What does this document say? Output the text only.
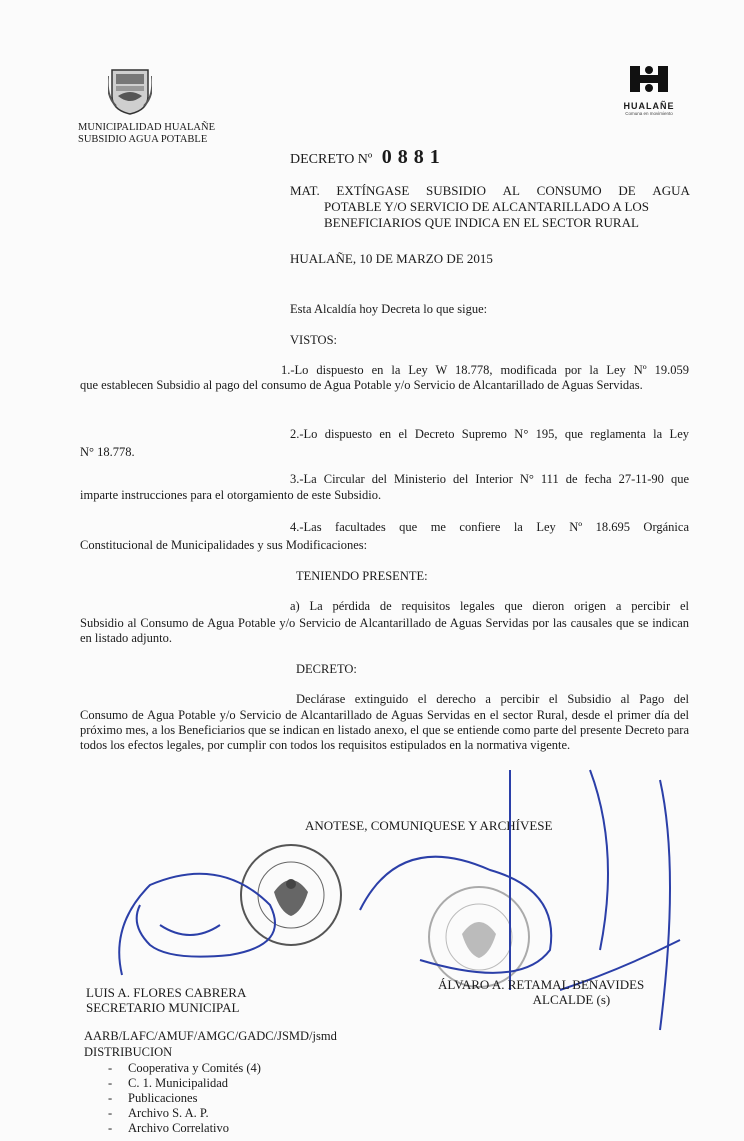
MUNICIPALIDAD HUALAÑE
SUBSIDIO AGUA POTABLE
HUALAÑE
Comuna en movimiento
DECRETO Nº 0881
MAT. EXTÍNGASE SUBSIDIO AL CONSUMO DE AGUA
POTABLE Y/O SERVICIO DE ALCANTARILLADO A LOS
BENEFICIARIOS QUE INDICA EN EL SECTOR RURAL
HUALAÑE, 10 DE MARZO DE 2015
Esta Alcaldía hoy Decreta lo que sigue:
VISTOS:
1.-Lo dispuesto en la Ley W 18.778, modificada por la Ley Nº 19.059
que establecen Subsidio al pago del consumo de Agua Potable y/o Servicio de Alcantarillado de Aguas Servidas.
2.-Lo dispuesto en el Decreto Supremo N° 195, que reglamenta la Ley
N° 18.778.
3.-La Circular del Ministerio del Interior N° 111 de fecha 27-11-90 que
imparte instrucciones para el otorgamiento de este Subsidio.
4.-Las facultades que me confiere la Ley Nº 18.695 Orgánica
Constitucional de Municipalidades y sus Modificaciones:
TENIENDO PRESENTE:
a) La pérdida de requisitos legales que dieron origen a percibir el
Subsidio al Consumo de Agua Potable y/o Servicio de Alcantarillado de Aguas Servidas por las causales que se indican en listado adjunto.
DECRETO:
Declárase extinguido el derecho a percibir el Subsidio al Pago del
Consumo de Agua Potable y/o Servicio de Alcantarillado de Aguas Servidas en el sector Rural, desde el primer día del próximo mes, a los Beneficiarios que se indican en listado anexo, el que se entiende como parte del presente Decreto para todos los efectos legales, por cumplir con todos los requisitos estipulados en la normativa vigente.
ANOTESE, COMUNIQUESE Y ARCHÍVESE
LUIS A. FLORES CABRERA
SECRETARIO MUNICIPAL
ÁLVARO A. RETAMAL BENAVIDES
ALCALDE (s)
AARB/LAFC/AMUF/AMGC/GADC/JSMD/jsmd
DISTRIBUCION
- Cooperativa y Comités (4)
- C. 1. Municipalidad
- Publicaciones
- Archivo S. A. P.
- Archivo Correlativo
